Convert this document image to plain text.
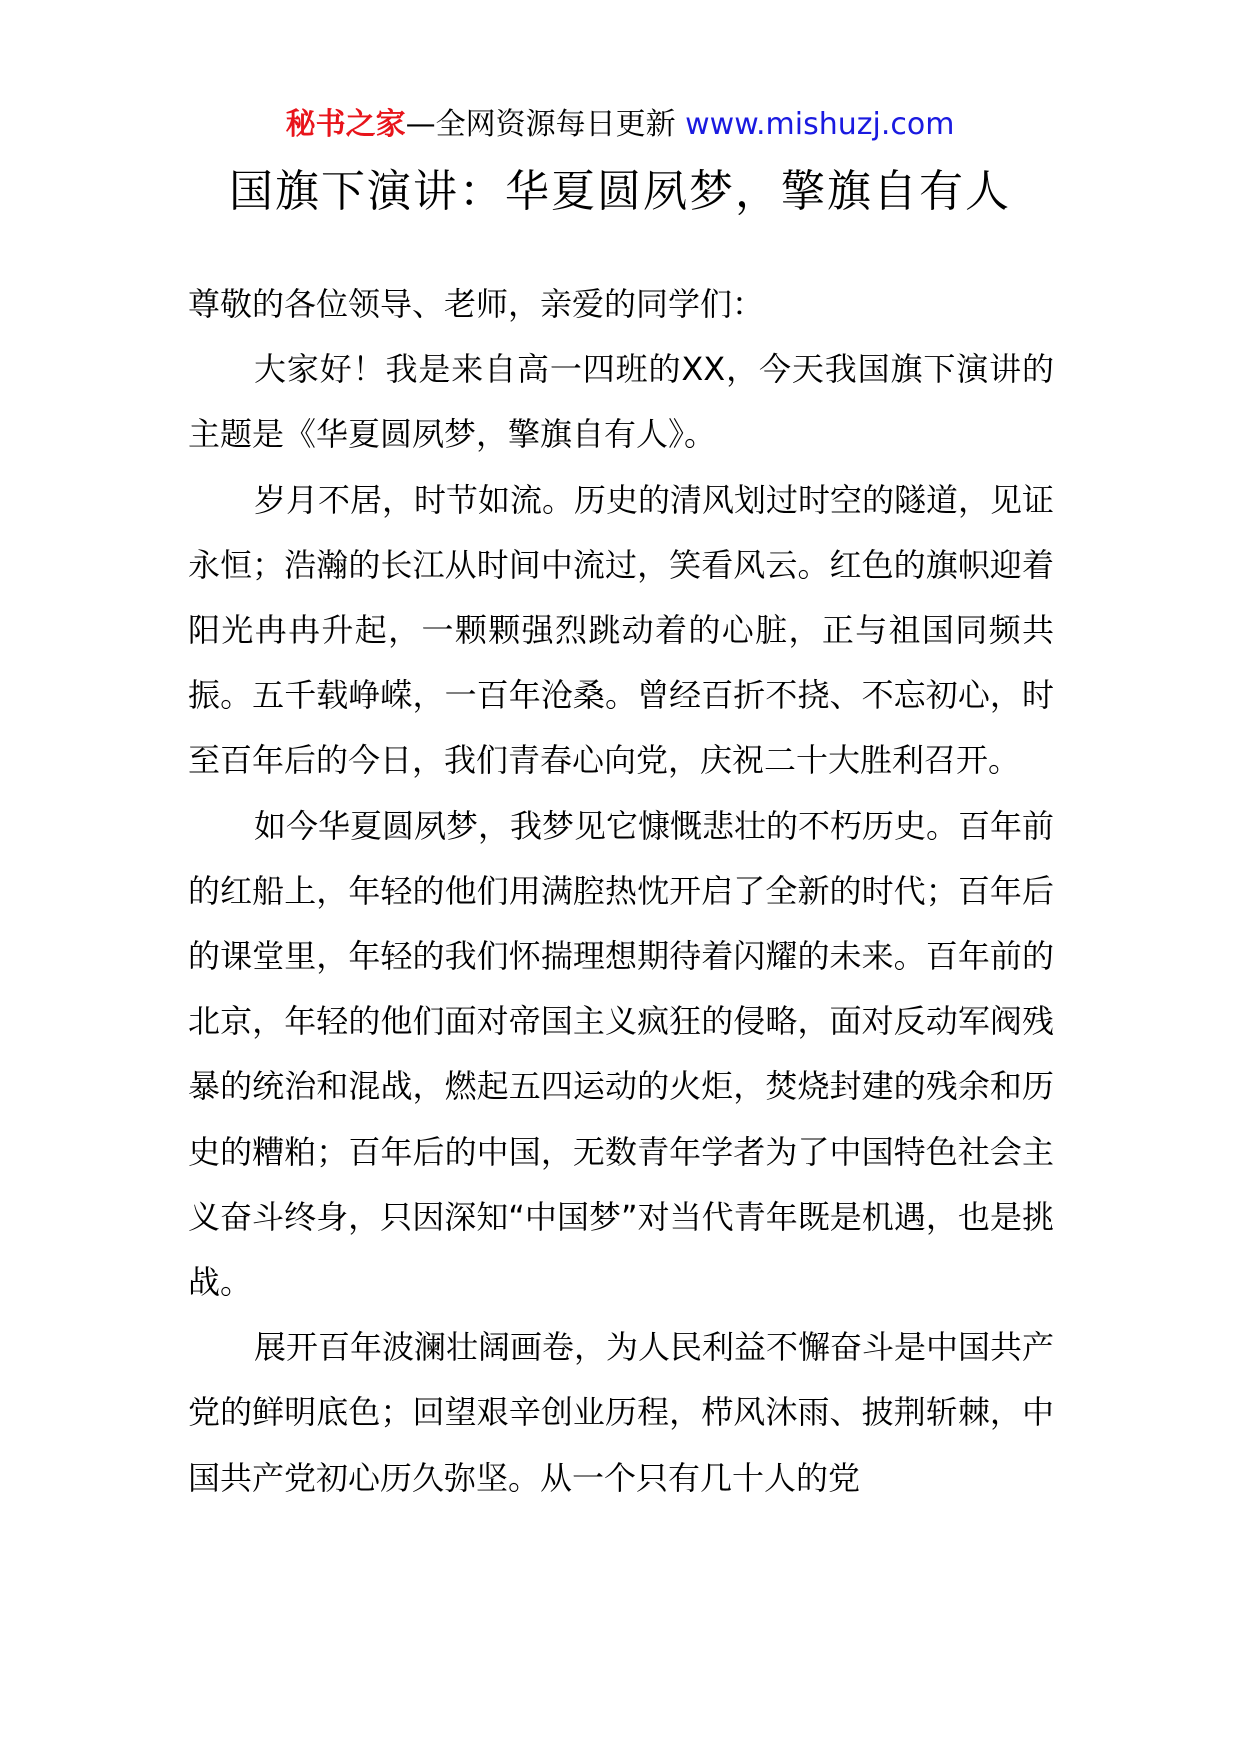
秘书之家—全网资源每日更新 www.mishuzj.com
国旗下演讲：华夏圆夙梦，擎旗自有人

尊敬的各位领导、老师，亲爱的同学们：

大家好！我是来自高一四班的XX，今天我国旗下演讲的主题是《华夏圆夙梦，擎旗自有人》。

岁月不居，时节如流。历史的清风划过时空的隧道，见证永恒；浩瀚的长江从时间中流过，笑看风云。红色的旗帜迎着阳光冉冉升起，一颗颗强烈跳动着的心脏，正与祖国同频共振。五千载峥嵘，一百年沧桑。曾经百折不挠、不忘初心，时至百年后的今日，我们青春心向党，庆祝二十大胜利召开。

如今华夏圆夙梦，我梦见它慷慨悲壮的不朽历史。百年前的红船上，年轻的他们用满腔热忱开启了全新的时代；百年后的课堂里，年轻的我们怀揣理想期待着闪耀的未来。百年前的北京，年轻的他们面对帝国主义疯狂的侵略，面对反动军阀残暴的统治和混战，燃起五四运动的火炬，焚烧封建的残余和历史的糟粕；百年后的中国，无数青年学者为了中国特色社会主义奋斗终身，只因深知“中国梦”对当代青年既是机遇，也是挑战。

展开百年波澜壮阔画卷，为人民利益不懈奋斗是中国共产党的鲜明底色；回望艰辛创业历程，栉风沐雨、披荆斩棘，中国共产党初心历久弥坚。从一个只有几十人的党
